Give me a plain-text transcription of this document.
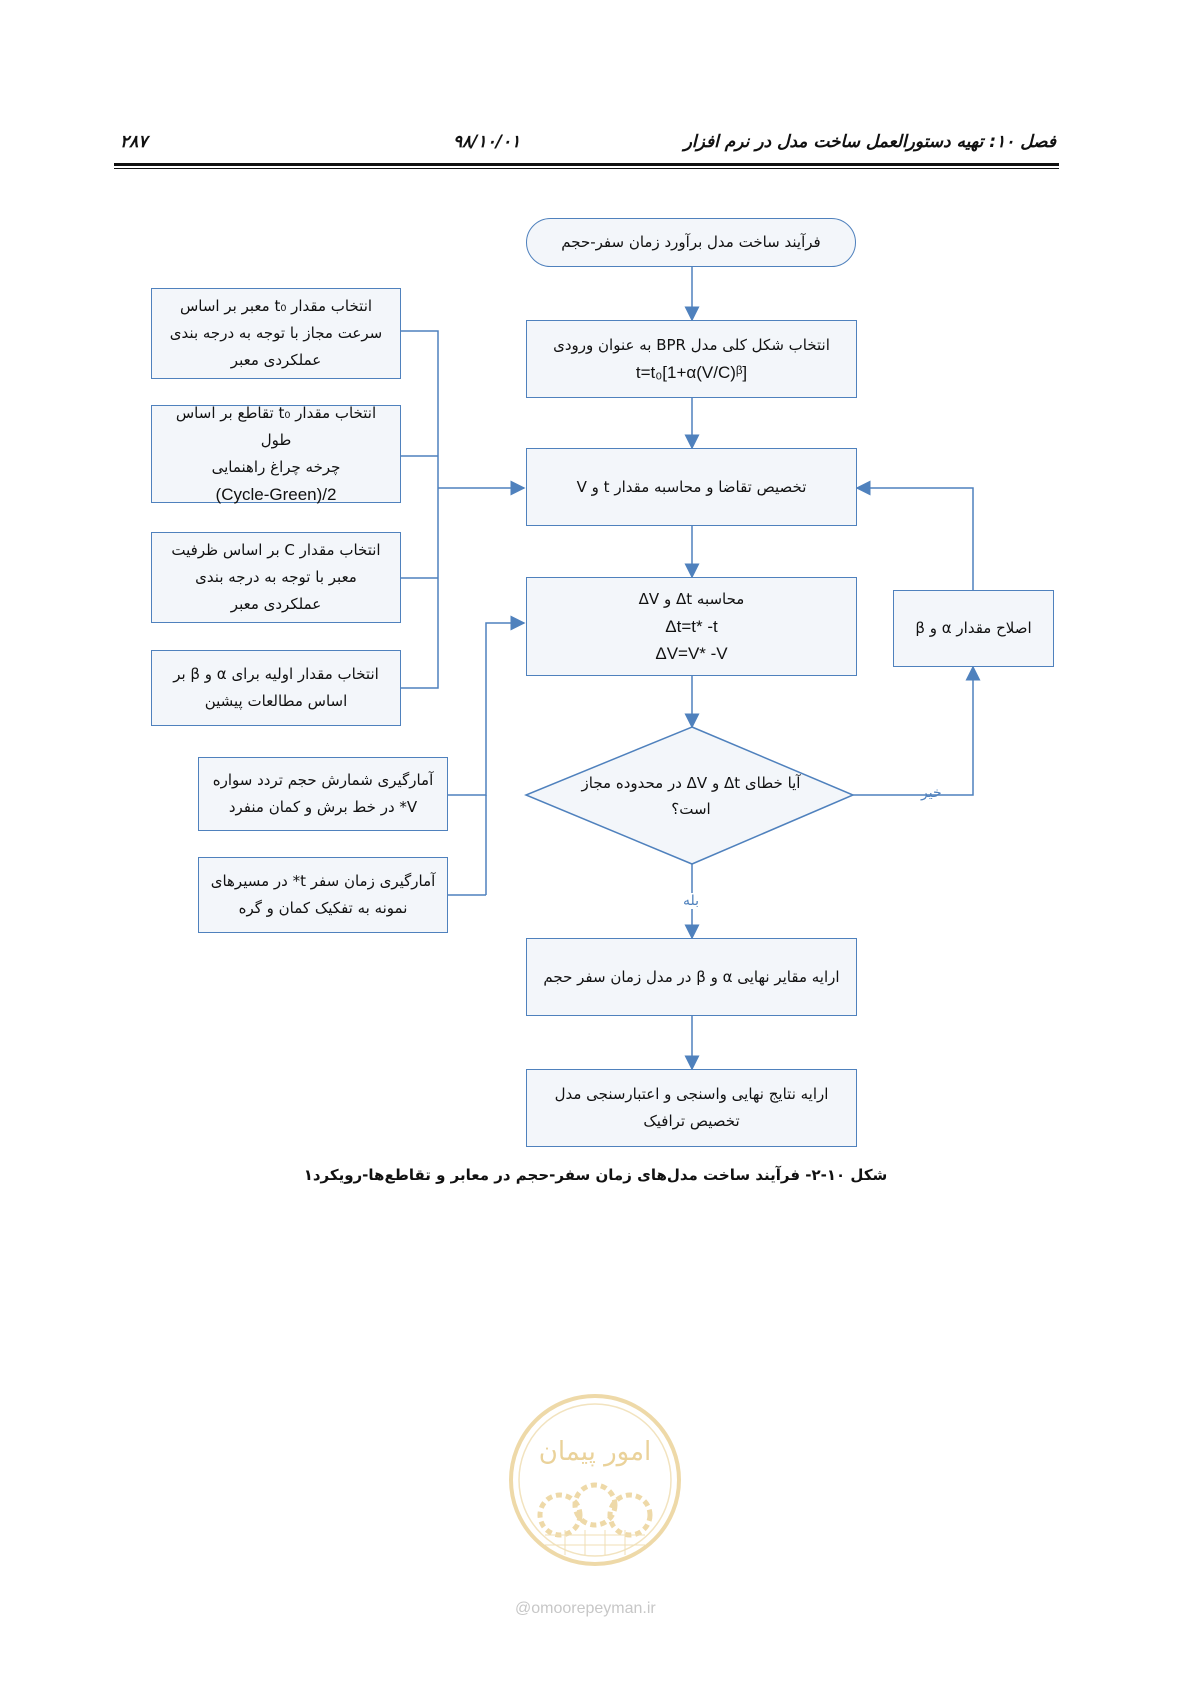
فصل ۱۰: تهیه دستورالعمل ساخت مدل در نرم افزار
۹۸/۱۰/۰۱
۲۸۷
فرآیند ساخت مدل برآورد زمان سفر-حجم
انتخاب شکل کلی مدل BPR به عنوان ورودی
t=t₀[1+α(V/C)ᵝ]
تخصیص تقاضا و محاسبه مقدار t و V
محاسبه Δt و ΔV
Δt=t* -t
ΔV=V* -V
آیا خطای Δt و ΔV در محدوده مجاز
است؟
بله
خیر
اصلاح مقدار α و β
ارایه مقایر نهایی α و β در مدل زمان سفر حجم
ارایه نتایج نهایی واسنجی و اعتبارسنجی مدل
تخصیص ترافیک
انتخاب مقدار t₀ معبر بر اساس
سرعت مجاز با توجه به درجه بندی
عملکردی معبر
انتخاب مقدار t₀ تقاطع بر اساس طول
چرخه چراغ راهنمایی
(Cycle-Green)/2
انتخاب مقدار C بر اساس ظرفیت
معبر با توجه به درجه بندی
عملکردی معبر
انتخاب مقدار اولیه برای α و β بر
اساس مطالعات پیشین
آمارگیری شمارش حجم تردد سواره
V* در خط برش و کمان منفرد
آمارگیری زمان سفر t* در مسیرهای
نمونه به تفکیک کمان و گره
شکل ۱۰-۲- فرآیند ساخت مدل‌های زمان سفر-حجم در معابر و تقاطع‌ها-رویکرد۱
امور پیمان
@omoorepeyman.ir
